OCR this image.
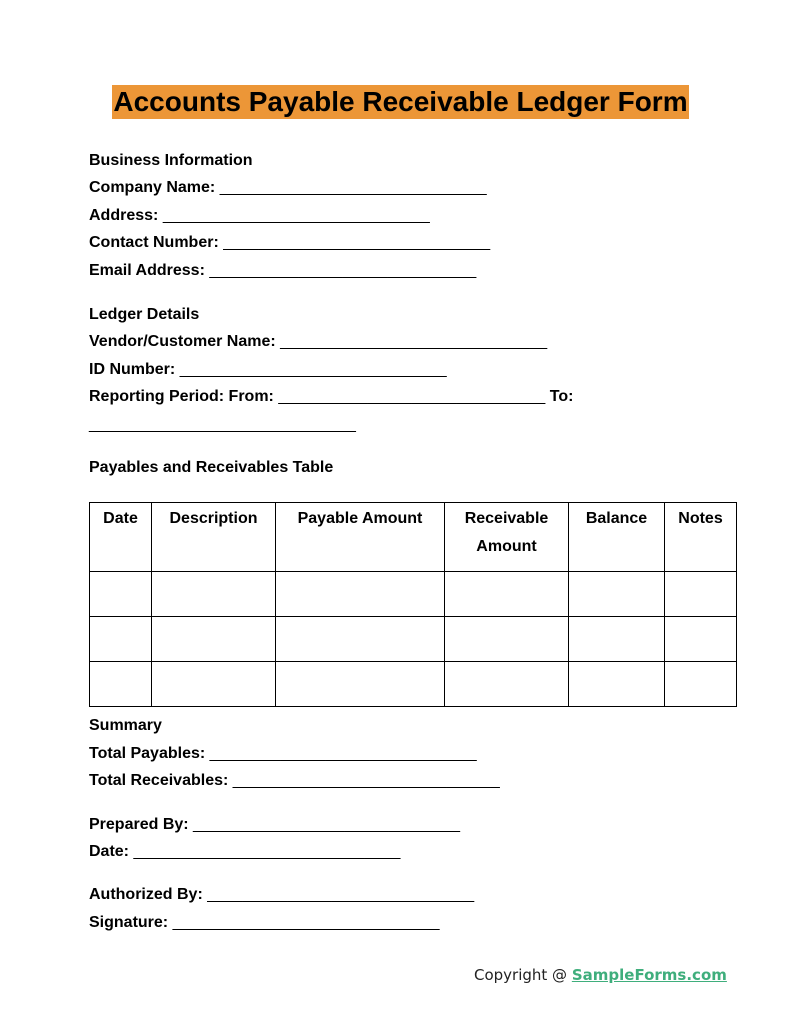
Accounts Payable Receivable Ledger Form
Business Information
Company Name: ______________________________
Address: ______________________________
Contact Number: ______________________________
Email Address: ______________________________
Ledger Details
Vendor/Customer Name: ______________________________
ID Number: ______________________________
Reporting Period: From: ______________________________ To:
______________________________
Payables and Receivables Table
Date	Description	Payable Amount	Receivable Amount	Balance	Notes

Summary
Total Payables: ______________________________
Total Receivables: ______________________________
Prepared By: ______________________________
Date: ______________________________
Authorized By: ______________________________
Signature: ______________________________
Copyright @ SampleForms.com
